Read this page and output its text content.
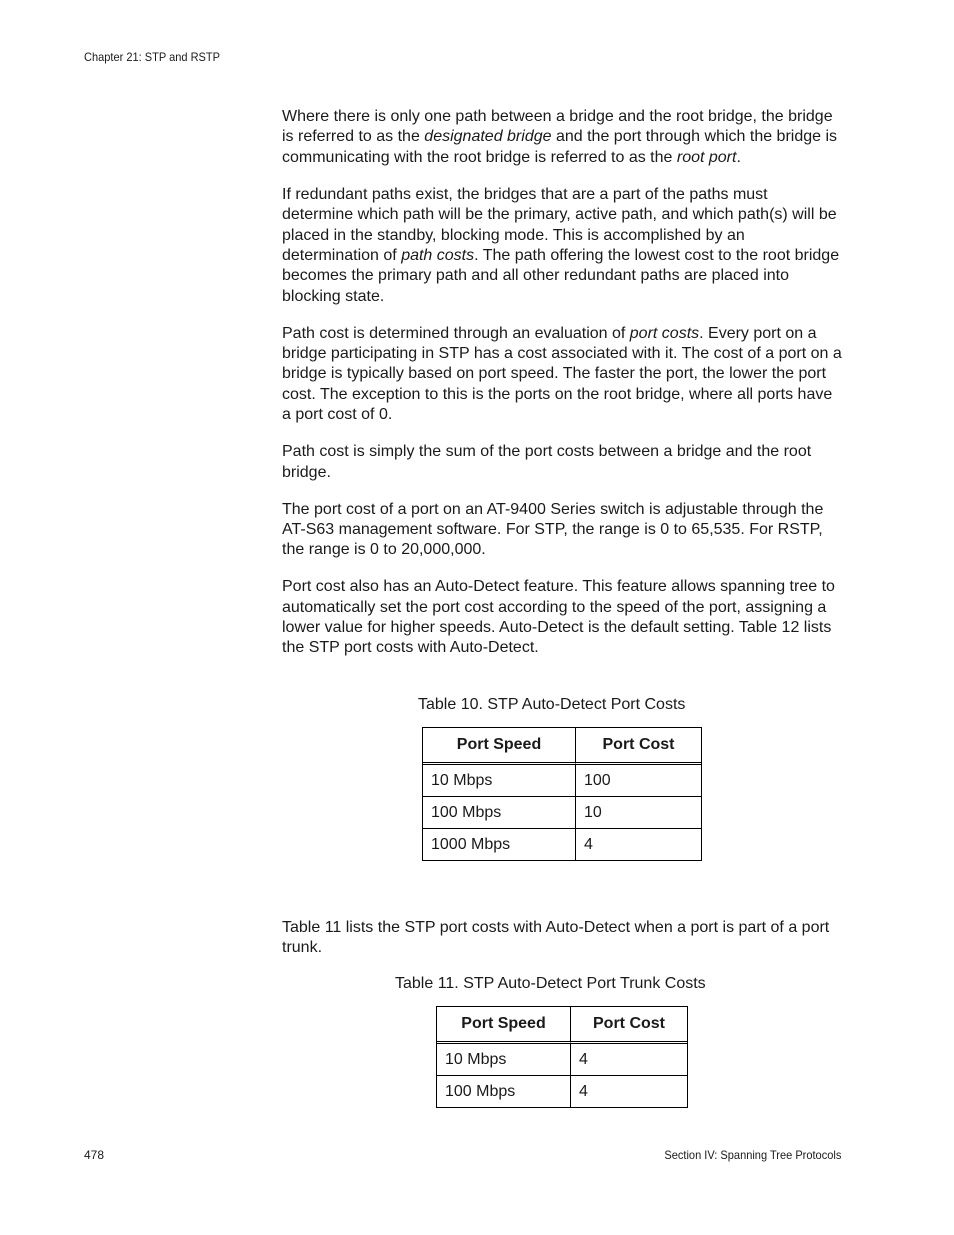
Chapter 21: STP and RSTP

Where there is only one path between a bridge and the root bridge, the bridge is referred to as the designated bridge and the port through which the bridge is communicating with the root bridge is referred to as the root port.

If redundant paths exist, the bridges that are a part of the paths must determine which path will be the primary, active path, and which path(s) will be placed in the standby, blocking mode. This is accomplished by an determination of path costs. The path offering the lowest cost to the root bridge becomes the primary path and all other redundant paths are placed into blocking state.

Path cost is determined through an evaluation of port costs. Every port on a bridge participating in STP has a cost associated with it. The cost of a port on a bridge is typically based on port speed. The faster the port, the lower the port cost. The exception to this is the ports on the root bridge, where all ports have a port cost of 0.

Path cost is simply the sum of the port costs between a bridge and the root bridge.

The port cost of a port on an AT-9400 Series switch is adjustable through the AT-S63 management software. For STP, the range is 0 to 65,535. For RSTP, the range is 0 to 20,000,000.

Port cost also has an Auto-Detect feature. This feature allows spanning tree to automatically set the port cost according to the speed of the port, assigning a lower value for higher speeds. Auto-Detect is the default setting. Table 12 lists the STP port costs with Auto-Detect.

Table 10. STP Auto-Detect Port Costs
Port Speed	Port Cost
10 Mbps	100
100 Mbps	10
1000 Mbps	4

Table 11 lists the STP port costs with Auto-Detect when a port is part of a port trunk.

Table 11. STP Auto-Detect Port Trunk Costs
Port Speed	Port Cost
10 Mbps	4
100 Mbps	4
478	Section IV: Spanning Tree Protocols
